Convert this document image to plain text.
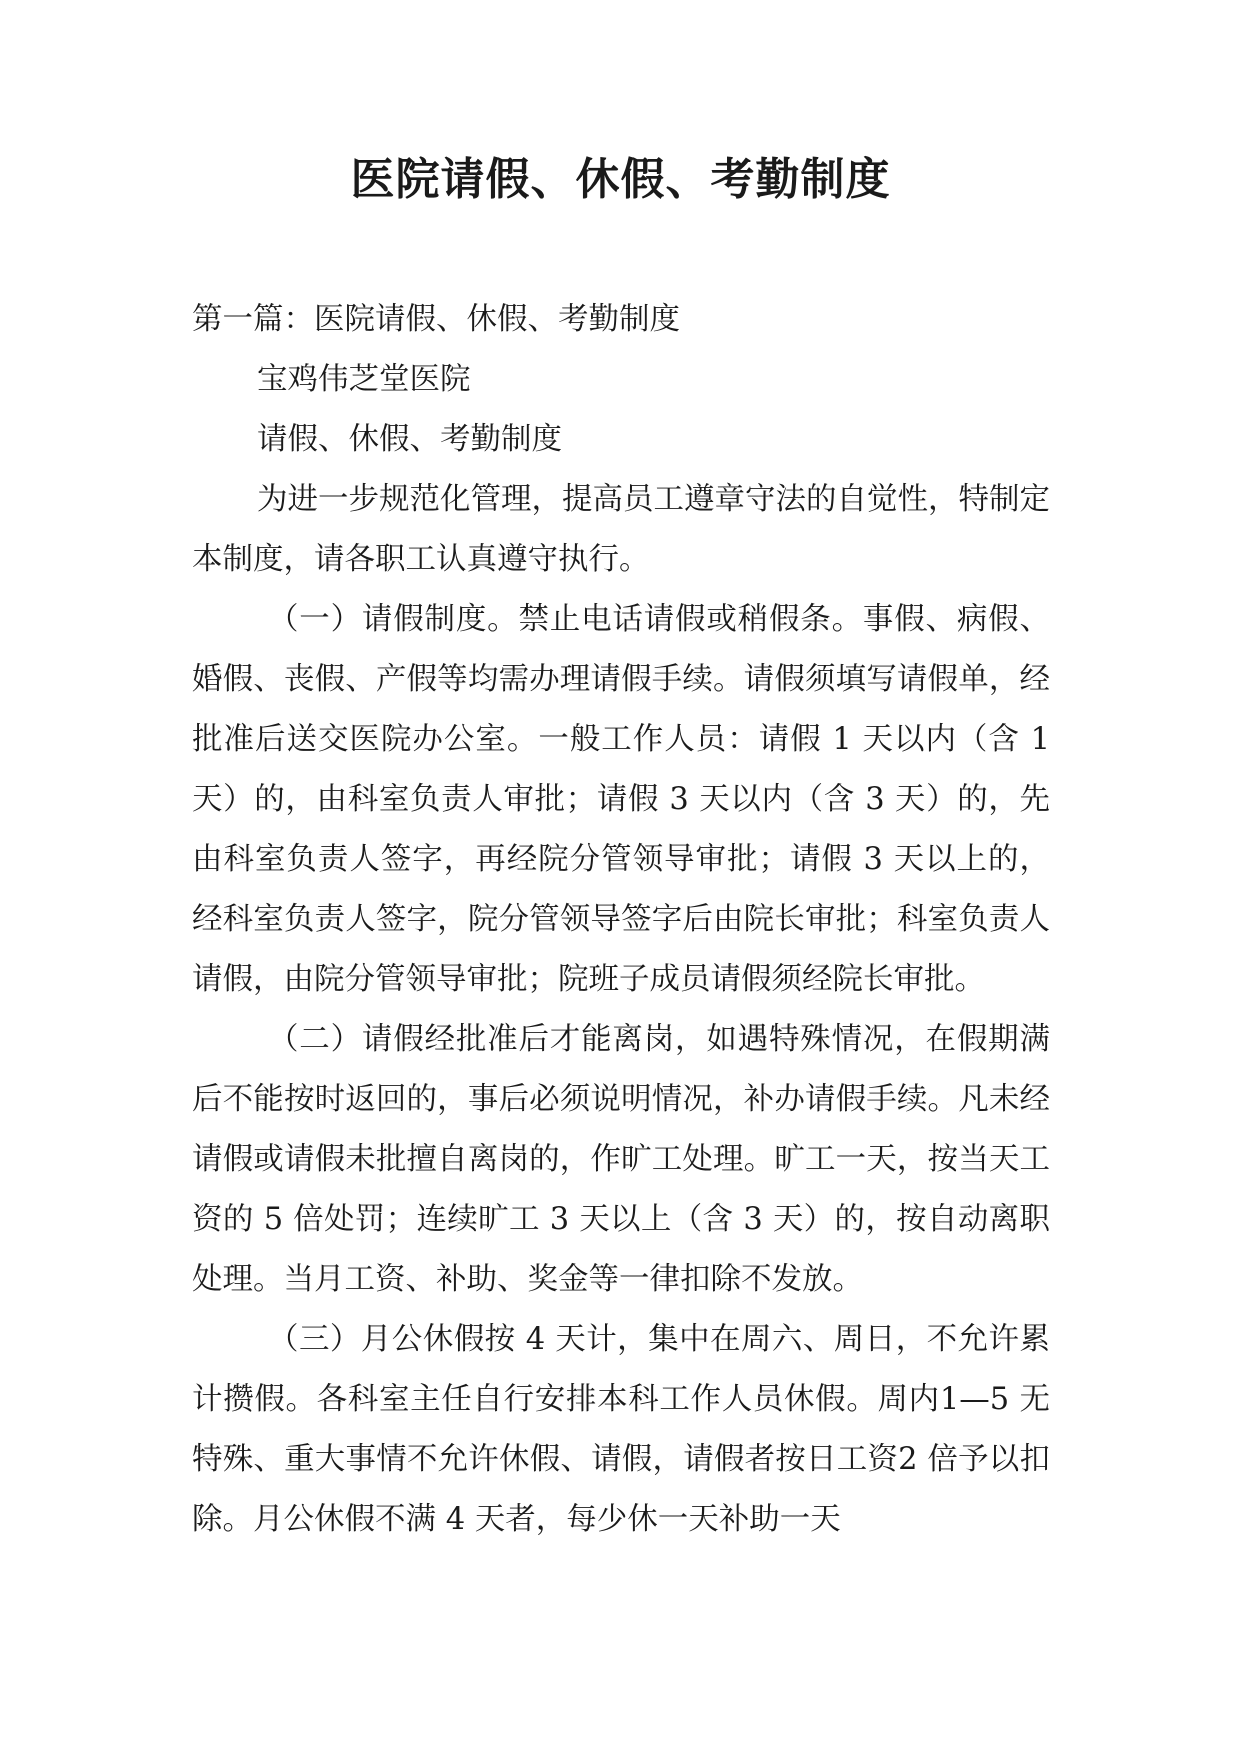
医院请假、休假、考勤制度

第一篇：医院请假、休假、考勤制度

宝鸡伟芝堂医院

请假、休假、考勤制度

为进一步规范化管理，提高员工遵章守法的自觉性，特制定本制度，请各职工认真遵守执行。

（一）请假制度。禁止电话请假或稍假条。事假、病假、婚假、丧假、产假等均需办理请假手续。请假须填写请假单，经批准后送交医院办公室。一般工作人员：请假 1 天以内（含 1 天）的，由科室负责人审批；请假 3 天以内（含 3 天）的，先由科室负责人签字，再经院分管领导审批；请假 3 天以上的，经科室负责人签字，院分管领导签字后由院长审批；科室负责人请假，由院分管领导审批；院班子成员请假须经院长审批。

（二）请假经批准后才能离岗，如遇特殊情况，在假期满后不能按时返回的，事后必须说明情况，补办请假手续。凡未经请假或请假未批擅自离岗的，作旷工处理。旷工一天，按当天工资的 5 倍处罚；连续旷工 3 天以上（含 3 天）的，按自动离职处理。当月工资、补助、奖金等一律扣除不发放。

（三）月公休假按 4 天计，集中在周六、周日，不允许累计攒假。各科室主任自行安排本科工作人员休假。周内1—5 无特殊、重大事情不允许休假、请假，请假者按日工资2 倍予以扣除。月公休假不满 4 天者，每少休一天补助一天
